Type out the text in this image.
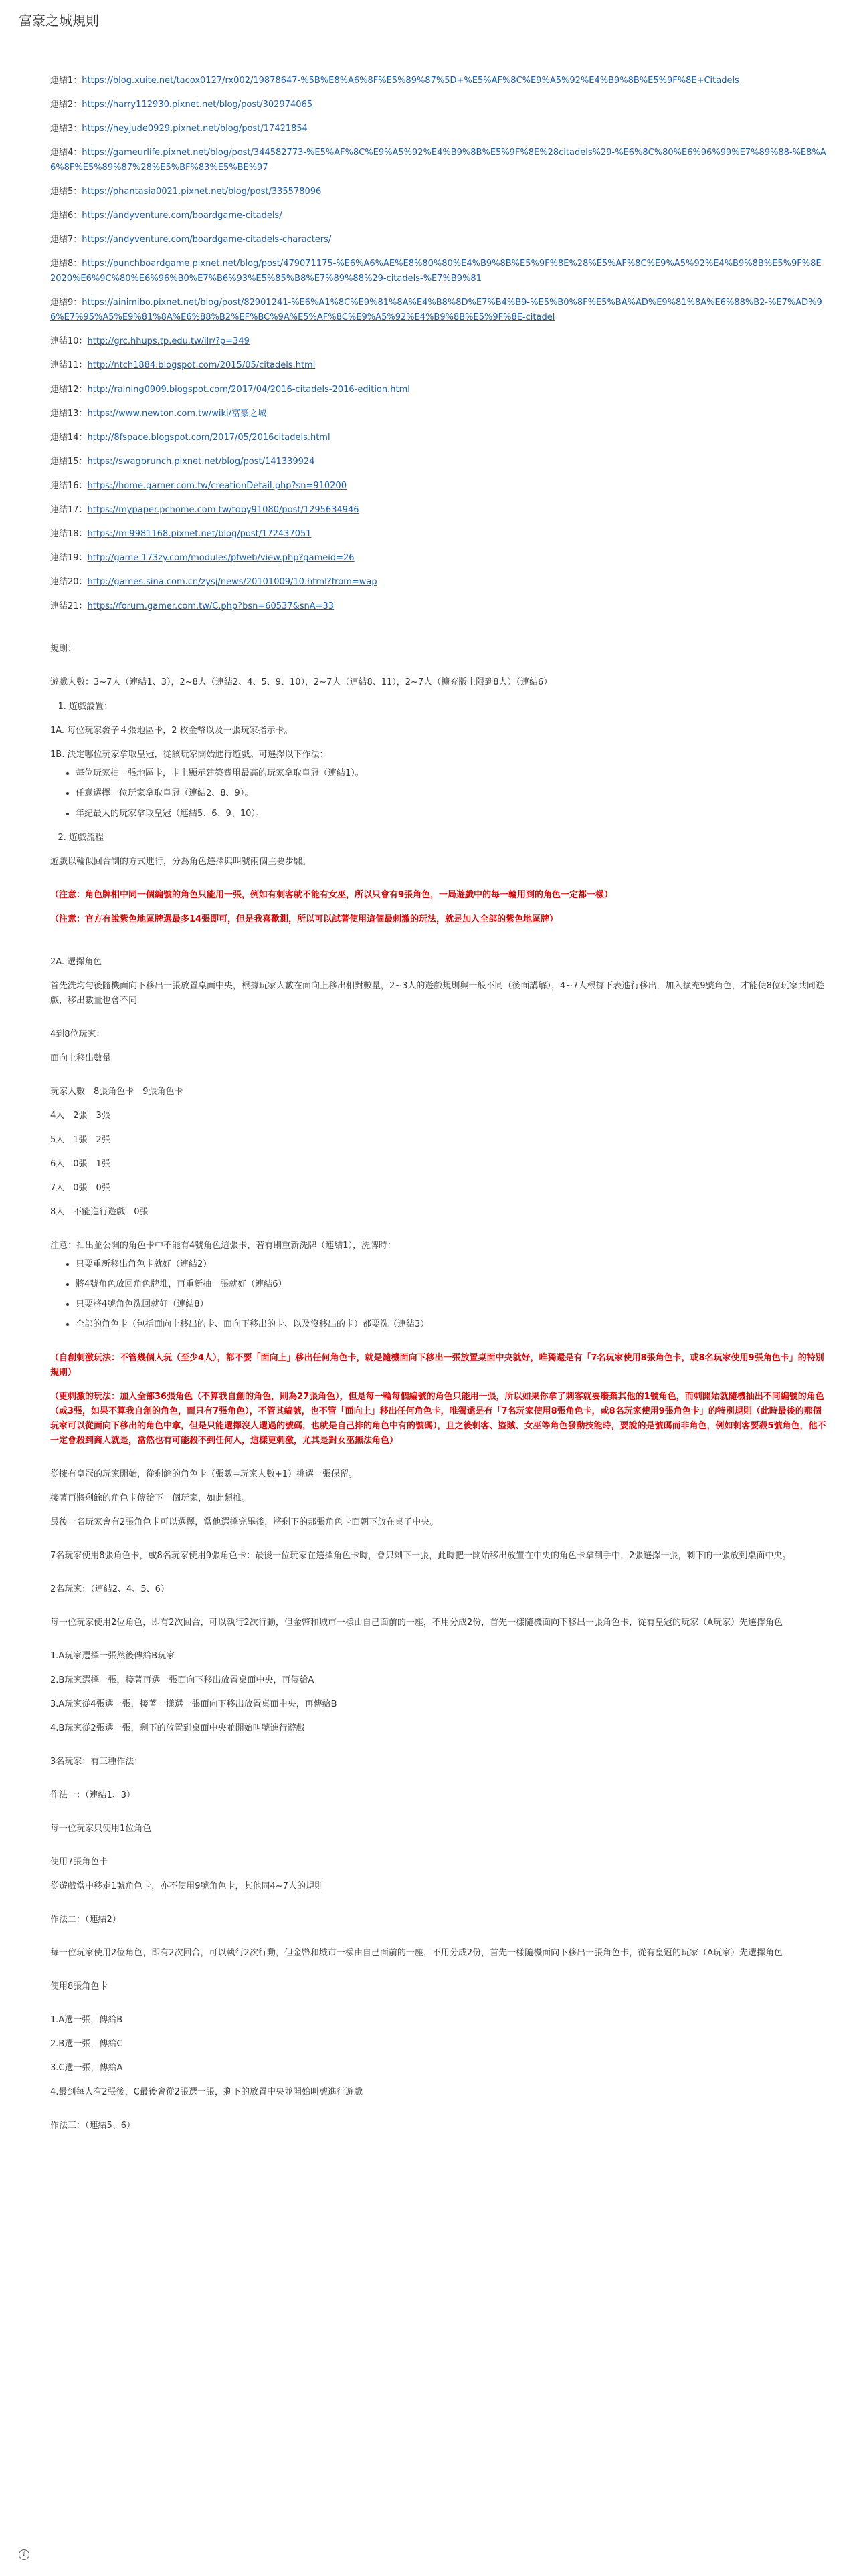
富豪之城規則
連結1：https://blog.xuite.net/tacox0127/rx002/19878647-%5B%E8%A6%8F%E5%89%87%5D+%E5%AF%8C%E9%A5%92%E4%B9%8B%E5%9F%8E+Citadels
連結2：https://harry112930.pixnet.net/blog/post/302974065
連結3：https://heyjude0929.pixnet.net/blog/post/17421854
連結4：https://gameurlife.pixnet.net/blog/post/344582773-%E5%AF%8C%E9%A5%92%E4%B9%8B%E5%9F%8E%28citadels%29-%E6%8C%80%E6%96%99%E7%89%88-%E8%A6%8F%E5%89%87%28%E5%BF%83%E5%BE%97
連結5：https://phantasia0021.pixnet.net/blog/post/335578096
連結6：https://andyventure.com/boardgame-citadels/
連結7：https://andyventure.com/boardgame-citadels-characters/
連結8：https://punchboardgame.pixnet.net/blog/post/479071175-%E6%A6%AE%E8%80%80%E4%B9%8B%E5%9F%8E%28%E5%AF%8C%E9%A5%92%E4%B9%8B%E5%9F%8E2020%E6%9C%80%E6%96%B0%E7%B6%93%E5%85%B8%E7%89%88%29-citadels-%E7%B9%81
連結9：https://ainimibo.pixnet.net/blog/post/82901241-%E6%A1%8C%E9%81%8A%E4%B8%8D%E7%B4%B9-%E5%B0%8F%E5%BA%AD%E9%81%8A%E6%88%B2-%E7%AD%96%E7%95%A5%E9%81%8A%E6%88%B2%EF%BC%9A%E5%AF%8C%E9%A5%92%E4%B9%8B%E5%9F%8E-citadel
連結10：http://grc.hhups.tp.edu.tw/ilr/?p=349
連結11：http://ntch1884.blogspot.com/2015/05/citadels.html
連結12：http://raining0909.blogspot.com/2017/04/2016-citadels-2016-edition.html
連結13：https://www.newton.com.tw/wiki/富豪之城
連結14：http://8fspace.blogspot.com/2017/05/2016citadels.html
連結15：https://swagbrunch.pixnet.net/blog/post/141339924
連結16：https://home.gamer.com.tw/creationDetail.php?sn=910200
連結17：https://mypaper.pchome.com.tw/toby91080/post/1295634946
連結18：https://mi9981168.pixnet.net/blog/post/172437051
連結19：http://game.173zy.com/modules/pfweb/view.php?gameid=26
連結20：http://games.sina.com.cn/zysj/news/20101009/10.html?from=wap
連結21：https://forum.gamer.com.tw/C.php?bsn=60537&snA=33
規則：
遊戲人數：3~7人（連結1、3），2~8人（連結2、4、5、9、10），2~7人（連結8、11），2~7人（擴充版上限到8人）（連結6）
1. 遊戲設置：
1A. 每位玩家發予４張地區卡，2 枚金幣以及一張玩家指示卡。
1B. 決定哪位玩家拿取皇冠，從該玩家開始進行遊戲。可選擇以下作法：
• 每位玩家抽一張地區卡，卡上顯示建築費用最高的玩家拿取皇冠（連結1）。
• 任意選擇一位玩家拿取皇冠（連結2、8、9）。
• 年紀最大的玩家拿取皇冠（連結5、6、9、10）。
2. 遊戲流程
遊戲以輪似回合制的方式進行，分為角色選擇與叫號兩個主要步驟。
（注意：角色牌相中同一個編號的角色只能用一張，例如有刺客就不能有女巫，所以只會有9張角色，一局遊戲中的每一輪用到的角色一定都一樣）
（注意：官方有說紫色地區牌選最多14張即可，但是我喜歡測，所以可以試著使用這個最刺激的玩法，就是加入全部的紫色地區牌）
2A. 選擇角色
首先洗均勻後隨機面向下移出一張放置桌面中央，根據玩家人數在面向上移出相對數量，2~3人的遊戲規則與一般不同（後面講解），4~7人根據下表進行移出，加入擴充9號角色，才能使8位玩家共同遊戲，移出數量也會不同
4到8位玩家：
面向上移出數量
玩家人數　8張角色卡　9張角色卡
4人　2張　3張
5人　1張　2張
6人　0張　1張
7人　0張　0張
8人　不能進行遊戲　0張
注意：抽出並公開的角色卡中不能有4號角色這張卡，若有則重新洗牌（連結1），洗牌時：
• 只要重新移出角色卡就好（連結2）
• 將4號角色放回角色牌堆，再重新抽一張就好（連結6）
• 只要將4號角色洗回就好（連結8）
• 全部的角色卡（包括面向上移出的卡、面向下移出的卡、以及沒移出的卡）都要洗（連結3）
（自創刺激玩法：不管幾個人玩（至少4人），都不要「面向上」移出任何角色卡，就是隨機面向下移出一張放置桌面中央就好，唯獨還是有「7名玩家使用8張角色卡，或8名玩家使用9張角色卡」的特別規則）
（更刺激的玩法：加入全部36張角色（不算我自創的角色，則為27張角色），但是每一輪每個編號的角色只能用一張，所以如果你拿了刺客就要廢棄其他的1號角色，而刺開始就隨機抽出不同編號的角色（或3張，如果不算我自創的角色，而只有7張角色），不管其編號，也不管「面向上」移出任何角色卡，唯獨還是有「7名玩家使用8張角色卡，或8名玩家使用9張角色卡」的特別規則（此時最後的那個玩家可以從面向下移出的角色中拿，但是只能選擇沒人選過的號碼，也就是自己排的角色中有的號碼），且之後刺客、盜賊、女巫等角色發動技能時，要說的是號碼而非角色，例如刺客要殺5號角色，他不一定會殺到商人就是，當然也有可能殺不到任何人，這樣更刺激，尤其是對女巫無法角色）
從擁有皇冠的玩家開始，從剩餘的角色卡（張數=玩家人數+1）挑選一張保留。
接著再將剩餘的角色卡傳給下一個玩家，如此類推。
最後一名玩家會有2張角色卡可以選擇，當他選擇完畢後，將剩下的那張角色卡面朝下放在桌子中央。
7名玩家使用8張角色卡，或8名玩家使用9張角色卡：最後一位玩家在選擇角色卡時，會只剩下一張，此時把一開始移出放置在中央的角色卡拿到手中，2張選擇一張，剩下的一張放到桌面中央。
2名玩家：（連結2、4、5、6）
每一位玩家使用2位角色，即有2次回合，可以執行2次行動，但金幣和城市一樣由自己面前的一座，不用分成2份，首先一樣隨機面向下移出一張角色卡，從有皇冠的玩家（A玩家）先選擇角色
1.A玩家選擇一張然後傳給B玩家
2.B玩家選擇一張，接著再選一張面向下移出放置桌面中央，再傳給A
3.A玩家從4張選一張，接著一樣選一張面向下移出放置桌面中央，再傳給B
4.B玩家從2張選一張，剩下的放置到桌面中央並開始叫號進行遊戲
3名玩家：有三種作法：
作法一：（連結1、3）
每一位玩家只使用1位角色
使用7張角色卡
從遊戲當中移走1號角色卡，亦不使用9號角色卡，其他同4~7人的規則
作法二：（連結2）
每一位玩家使用2位角色，即有2次回合，可以執行2次行動，但金幣和城市一樣由自己面前的一座，不用分成2份，首先一樣隨機面向下移出一張角色卡，從有皇冠的玩家（A玩家）先選擇角色
使用8張角色卡
1.A選一張，傳給B
2.B選一張，傳給C
3.C選一張，傳給A
4.最到每人有2張後，C最後會從2張選一張，剩下的放置中央並開始叫號進行遊戲
作法三：（連結5、6）
i
